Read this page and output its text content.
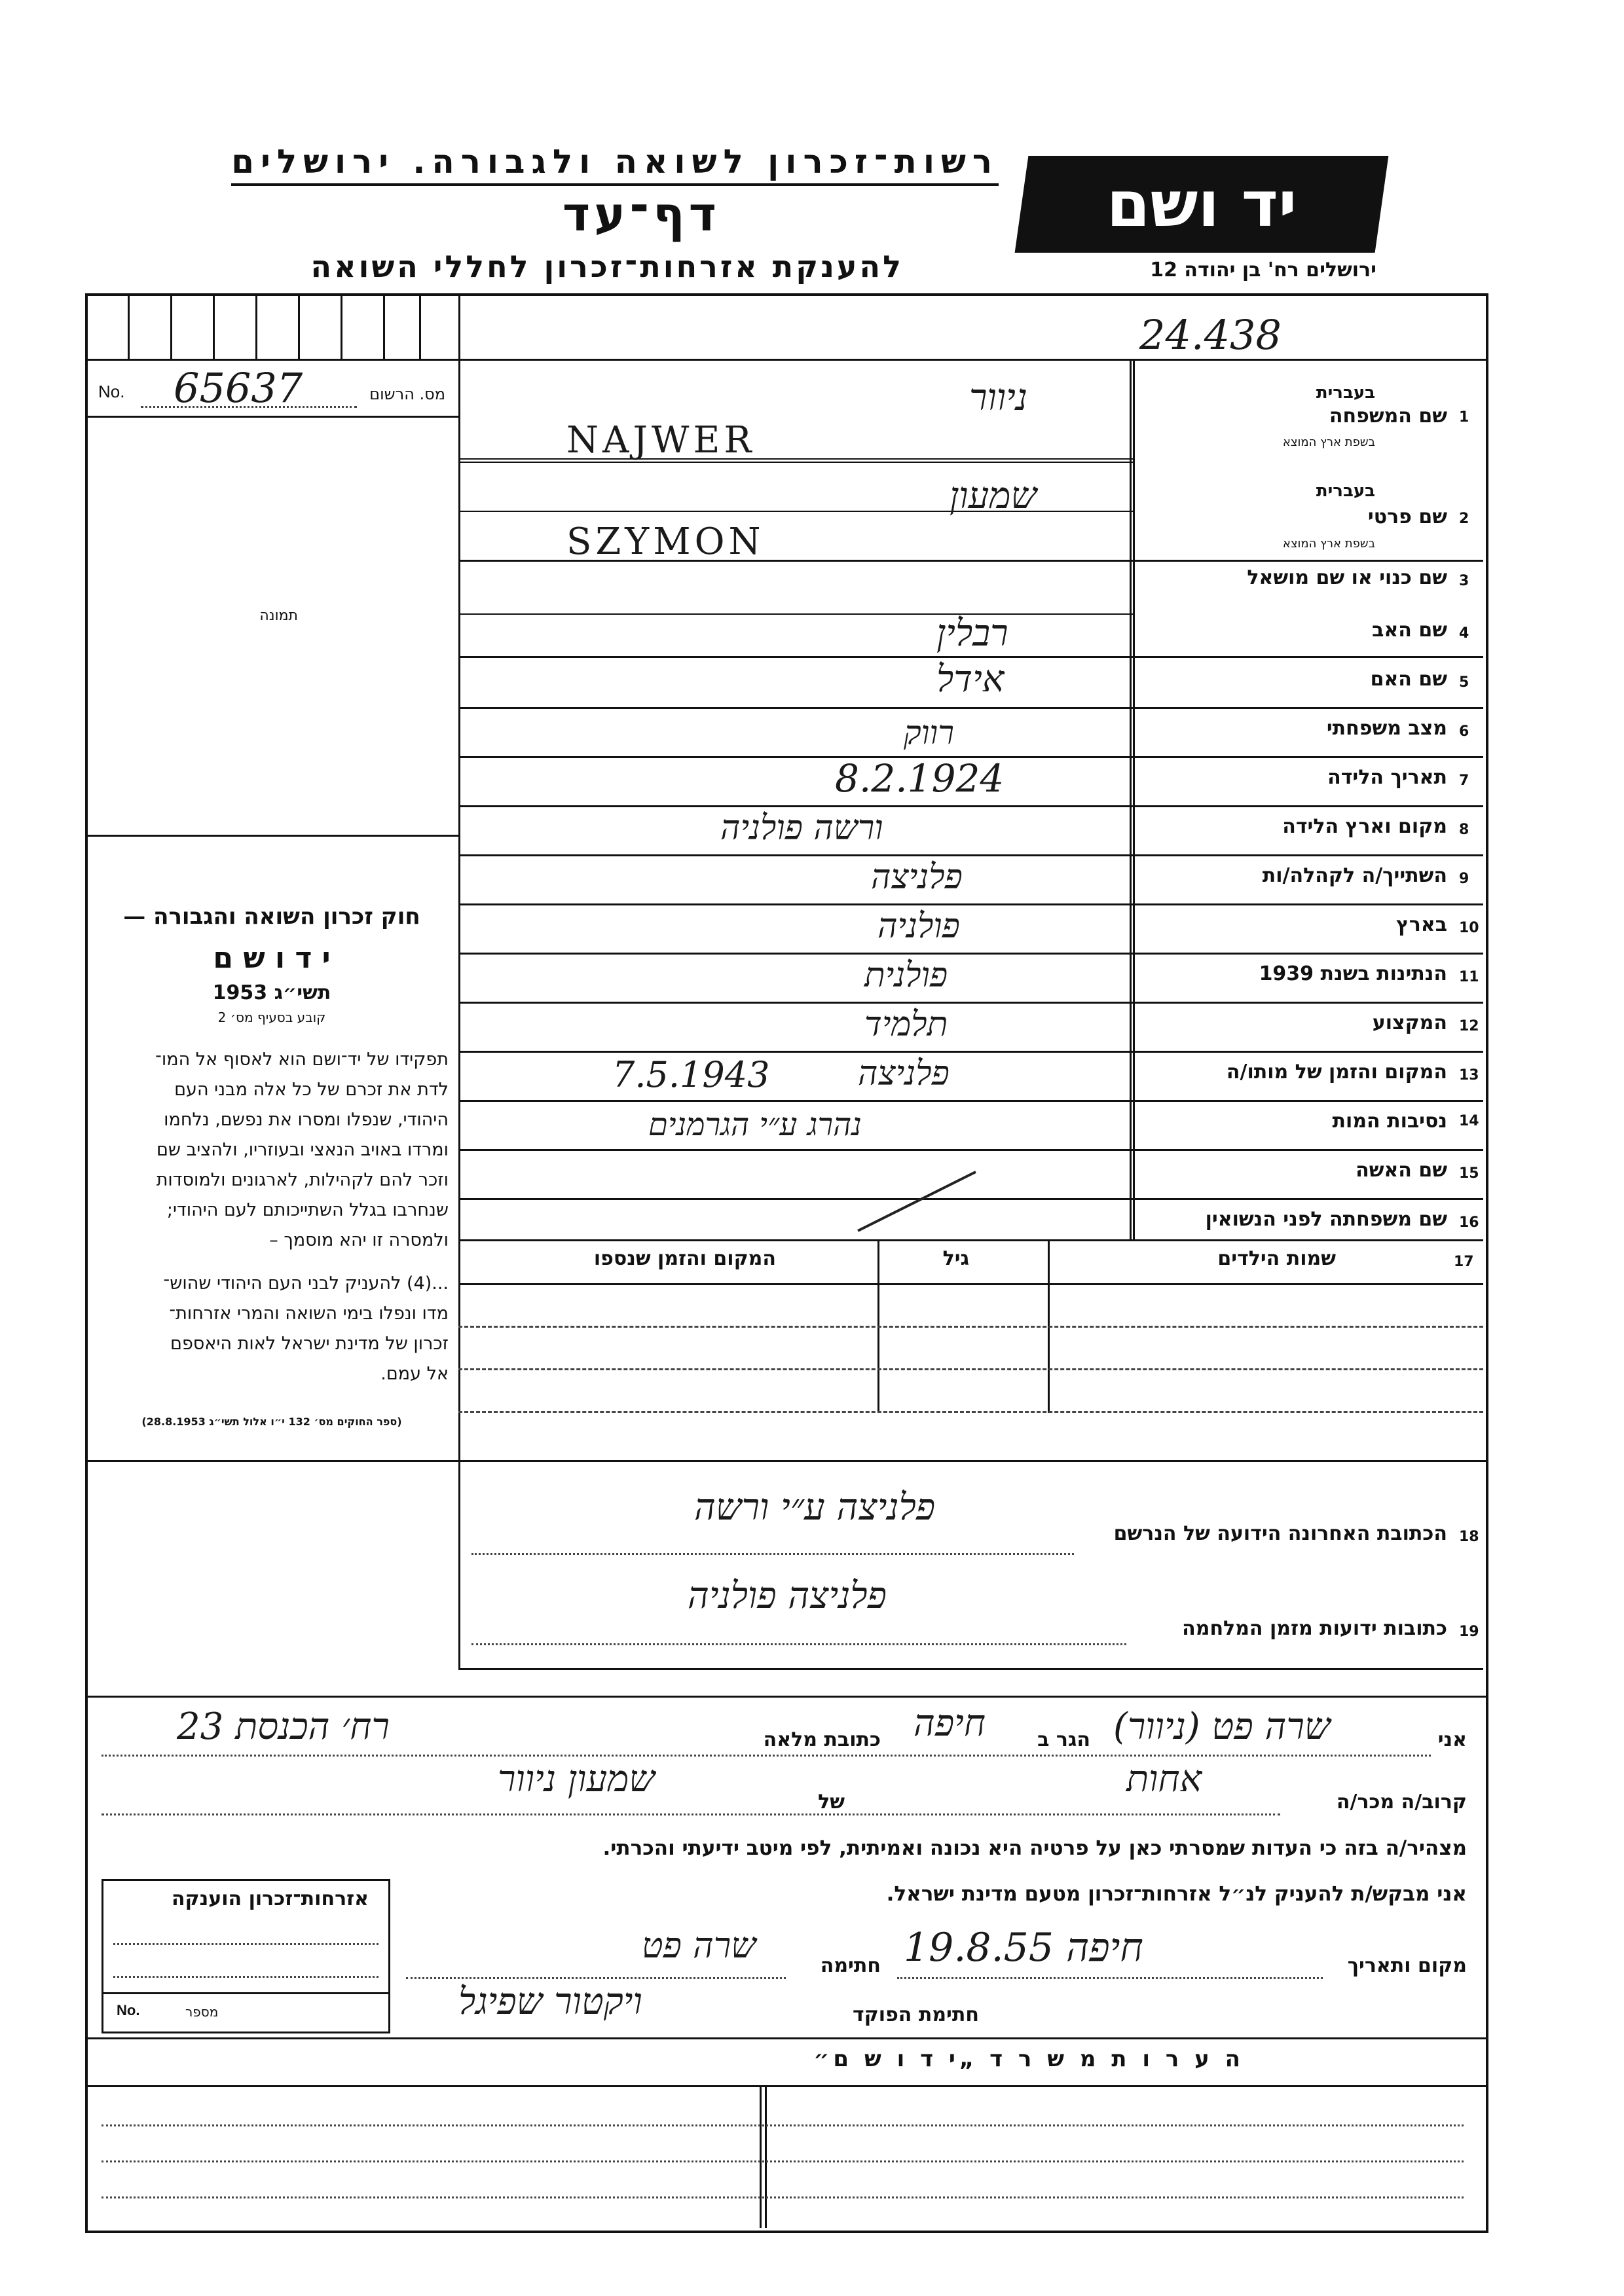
רשות־זכרון לשואה ולגבורה. ירושלים
דף־עד
להענקת אזרחות־זכרון לחללי השואה
יד ושם
ירושלים רח' בן יהודה 12
24.438
No. 65637	מס. הרשום
תמונה
חוק זכרון השואה והגבורה —
י ד ו ש ם
תשי״ג 1953
קובע בסעיף מס׳ 2
תפקידו של יד־ושם הוא לאסוף אל המו־
לדת את זכרם של כל אלה מבני העם
היהודי, שנפלו ומסרו את נפשם, נלחמו
ומרדו באויב הנאצי ובעוזריו, ולהציב שם
וזכר להם לקהילות, לארגונים ולמוסדות
שנחרבו בגלל השתייכותם לעם היהודי;
ולמסרה זו יהא מוסמך –
...(4) להעניק לבני העם היהודי שהוש־
מדו ונפלו בימי השואה והמרי אזרחות־
זכרון של מדינת ישראל לאות היאספם
אל עמם.
(ספר החוקים מס׳ 132 י״ו אלול תשי״ג 28.8.1953)
1
שם המשפחה
בעברית
בשפת ארץ המוצא
ניוור
NAJWER
2
שם פרטי
בעברית
בשפת ארץ המוצא
שמעון
SZYMON
3
שם כנוי או שם מושאל
4
שם האב
רבלין
5
שם האם
אידל
6
מצב משפחתי
רווק
7
תאריך הלידה
8.2.1924
8
מקום וארץ הלידה
ורשה פולניה
9
השתייך/ה לקהלה/ות
פלניצה
10
בארץ
פולניה
11
הנתינות בשנת 1939
פולנית
12
המקצוע
תלמיד
13
המקום והזמן של מותו/ה
פלניצה
7.5.1943
14
נסיבות המות
נהרג ע״י הגרמנים
15
שם האשה
16
שם משפחתה לפני הנשואין
17
שמות הילדים
גיל
המקום והזמן שנספו
18
הכתובת האחרונה הידועה של הנרשם
פלניצה ע״י ורשה
19
כתובות ידועות מזמן המלחמה
פלניצה פולניה
אני
שרה פט (ניוור)
הגר ב
חיפה
כתובת מלאה
רח׳ הכנסת 23
קרוב/ה מכר/ה
אחות
של
שמעון ניוור
מצהיר/ה בזה כי העדות שמסרתי כאן על פרטיה היא נכונה ואמיתית, לפי מיטב ידיעתי והכרתי.
אני מבקש/ת להעניק לנ״ל אזרחות־זכרון מטעם מדינת ישראל.
אזרחות־זכרון הוענקה
No.	מספר
מקום ותאריך
חיפה 19.8.55
חתימה
שרה פט
חתימת הפוקד
ויקטור שפיגל
ה ע ר ו ת מ ש ר ד „י ד ו ש ם״
